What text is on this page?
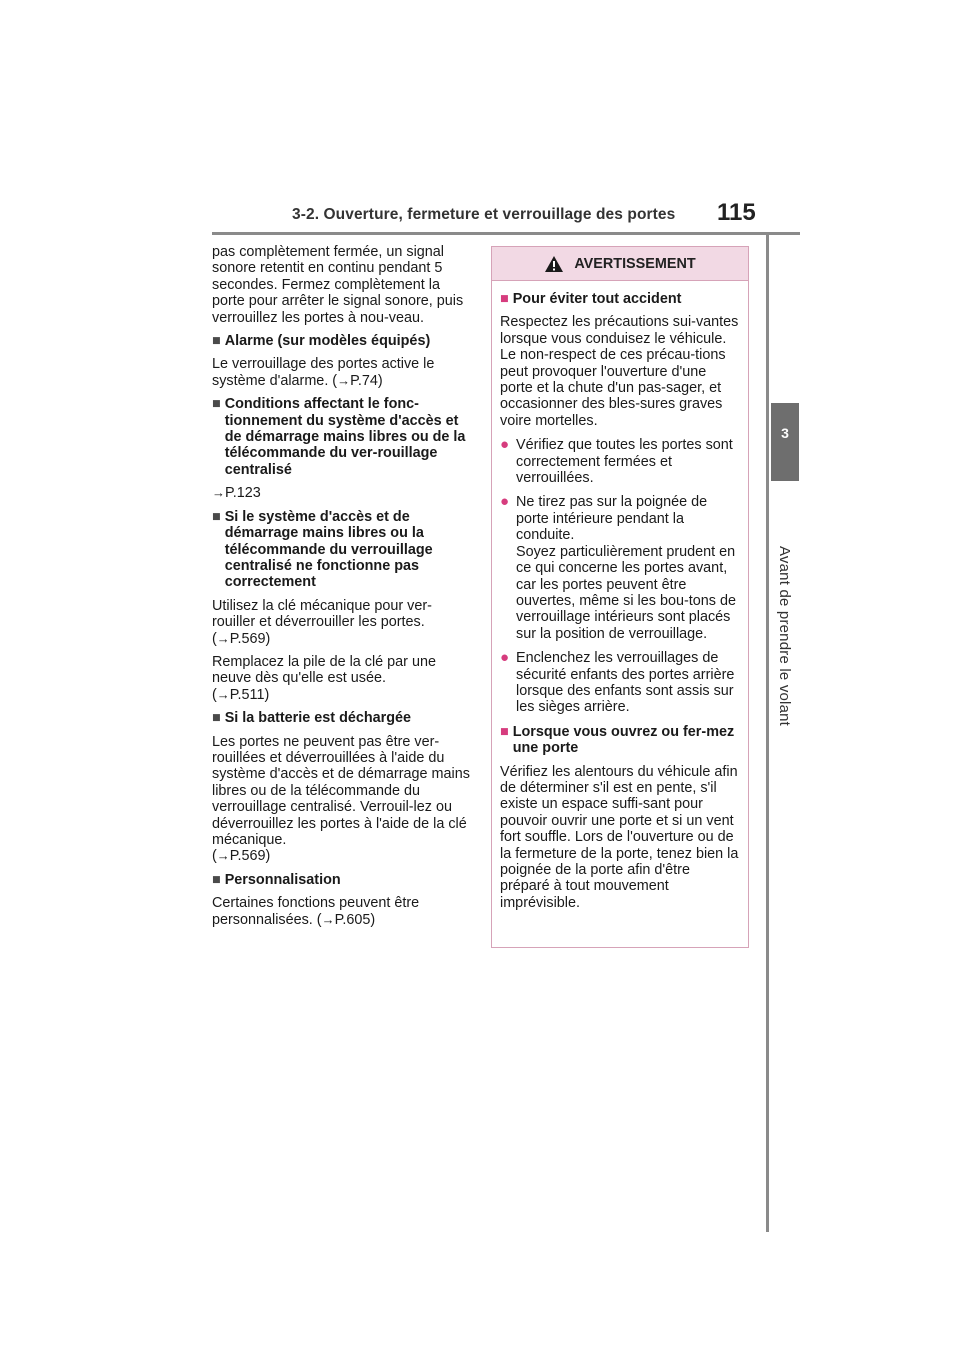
3-2. Ouverture, fermeture et verrouillage des portes 115
3
Avant de prendre le volant

pas complètement fermée, un signal sonore retentit en continu pendant 5 secondes. Fermez complètement la porte pour arrêter le signal sonore, puis verrouillez les portes à nou-veau.

■ Alarme (sur modèles équipés)

Le verrouillage des portes active le système d'alarme. (→P.74)

■ Conditions affectant le fonc-tionnement du système d'accès et de démarrage mains libres ou de la télécommande du ver-rouillage centralisé

→P.123

■ Si le système d'accès et de démarrage mains libres ou la télécommande du verrouillage centralisé ne fonctionne pas correctement

Utilisez la clé mécanique pour ver-rouiller et déverrouiller les portes.
(→P.569)

Remplacez la pile de la clé par une neuve dès qu'elle est usée.
(→P.511)

■ Si la batterie est déchargée

Les portes ne peuvent pas être ver-rouillées et déverrouillées à l'aide du système d'accès et de démarrage mains libres ou de la télécommande du verrouillage centralisé. Verrouil-lez ou déverrouillez les portes à l'aide de la clé mécanique.
(→P.569)

■ Personnalisation

Certaines fonctions peuvent être personnalisées. (→P.605)

AVERTISSEMENT
■ Pour éviter tout accident

Respectez les précautions sui-vantes lorsque vous conduisez le véhicule.
Le non-respect de ces précau-tions peut provoquer l'ouverture d'une porte et la chute d'un pas-sager, et occasionner des bles-sures graves voire mortelles.

● Vérifiez que toutes les portes sont correctement fermées et verrouillées.
● Ne tirez pas sur la poignée de porte intérieure pendant la conduite.
Soyez particulièrement prudent en ce qui concerne les portes avant, car les portes peuvent être ouvertes, même si les bou-tons de verrouillage intérieurs sont placés sur la position de verrouillage.
● Enclenchez les verrouillages de sécurité enfants des portes arrière lorsque des enfants sont assis sur les sièges arrière.
■ Lorsque vous ouvrez ou fer-mez une porte

Vérifiez les alentours du véhicule afin de déterminer s'il est en pente, s'il existe un espace suffi-sant pour pouvoir ouvrir une porte et si un vent fort souffle. Lors de l'ouverture ou de la fermeture de la porte, tenez bien la poignée de la porte afin d'être préparé à tout mouvement imprévisible.
